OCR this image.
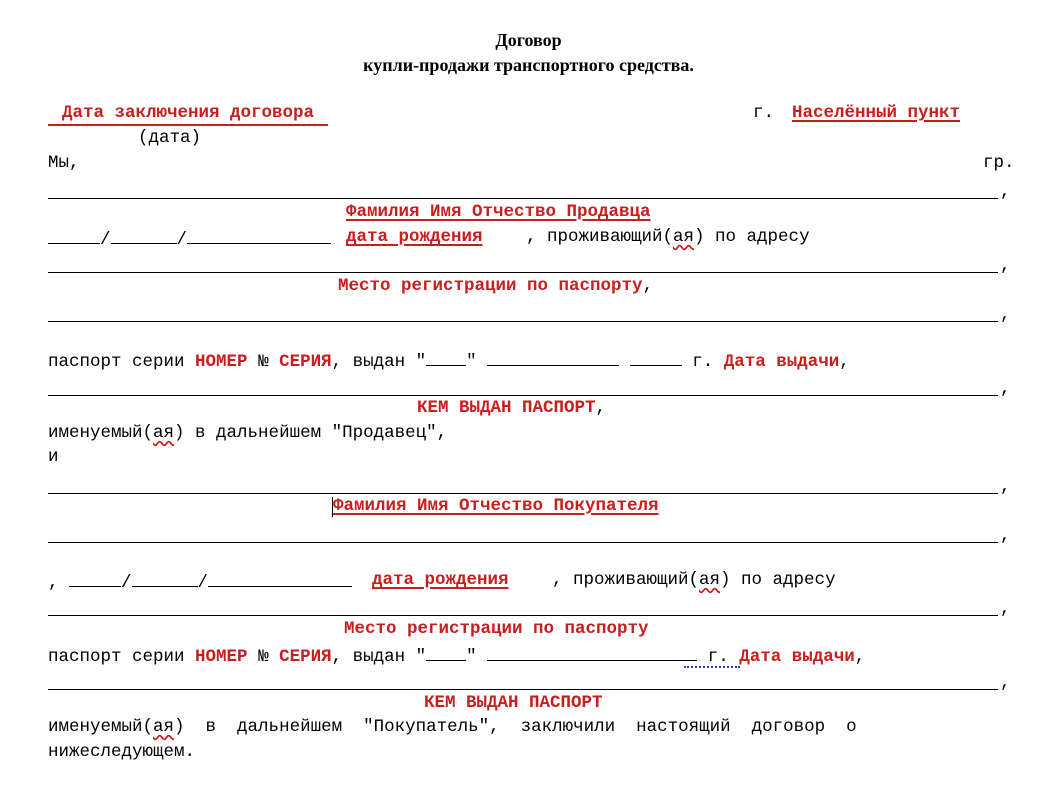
Договор
купли-продажи транспортного средства.
Дата заключения договора
(дата)
г. Населённый пункт
Мы,	гр.
,
Фамилия Имя Отчество Продавца
/	/	дата рождения , проживающий(ая) по адресу
,
Место регистрации по паспорту,
,
паспорт серии НОМЕР № СЕРИЯ, выдан " "	г. Дата выдачи,
,
КЕМ ВЫДАН ПАСПОРТ,
именуемый(ая) в дальнейшем "Продавец",
и
,
Фамилия Имя Отчество Покупателя
,
,	/	/	дата рождения , проживающий(ая) по адресу
,
Место регистрации по паспорту
паспорт серии НОМЕР № СЕРИЯ, выдан " "	г. Дата выдачи,
,
КЕМ ВЫДАН ПАСПОРТ
именуемый(ая)  в  дальнейшем  "Покупатель",  заключили  настоящий  договор  о
нижеследующем.
